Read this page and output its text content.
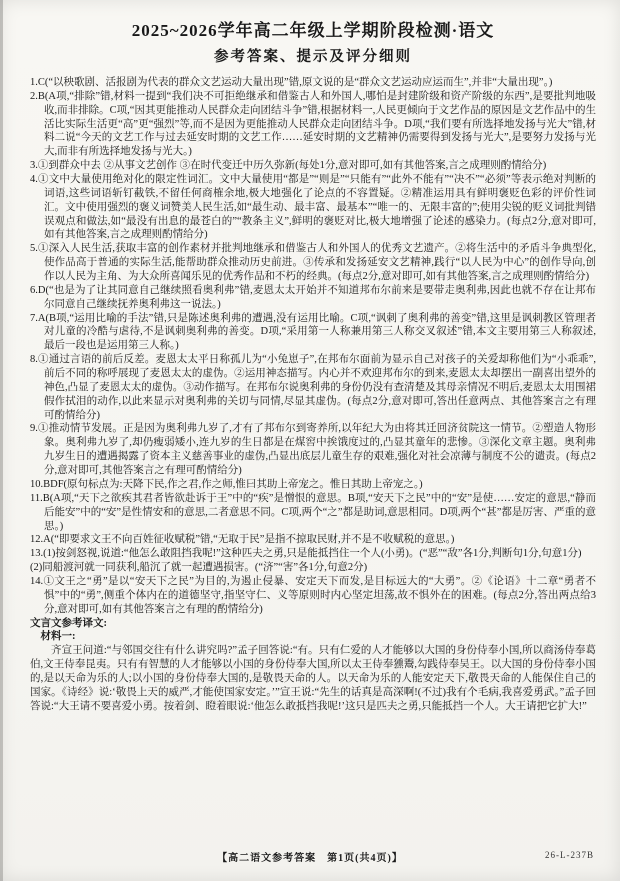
2025~2026学年高二年级上学期阶段检测·语文
参考答案、提示及评分细则

1.C(“以秧歌剧、活报剧为代表的群众文艺运动大量出现”错,原文说的是“群众文艺运动应运而生”,并非“大量出现”。)

2.B(A项,“排除”错,材料一提到“我们决不可拒绝继承和借鉴古人和外国人,哪怕是封建阶级和资产阶级的东西”,是要批判地吸收,而非排除。C项,“因其更能推动人民群众走向团结斗争”错,根据材料一,人民更倾向于文艺作品的原因是文艺作品中的生活比实际生活更“高”更“强烈”等,而不是因为更能推动人民群众走向团结斗争。D项,“我们要有所选择地发扬与光大”错,材料二说“今天的文艺工作与过去延安时期的文艺工作……延安时期的文艺精神仍需要得到发扬与光大”,是要努力发扬与光大,而非有所选择地发扬与光大。)

3.①到群众中去 ②从事文艺创作 ③在时代变迁中历久弥新(每处1分,意对即可,如有其他答案,言之成理则酌情给分)

4.①文中大量使用绝对化的限定性词汇。文中大量使用“都是”“则是”“只能有”“此外不能有”“决不”“必须”等表示绝对判断的词语,这些词语斩钉截铁,不留任何商榷余地,极大地强化了论点的不容置疑。②精准运用具有鲜明褒贬色彩的评价性词汇。文中使用强烈的褒义词赞美人民生活,如“最生动、最丰富、最基本”“唯一的、无限丰富的”;使用尖锐的贬义词批判错误观点和做法,如“最没有出息的最苍白的”“教条主义”,鲜明的褒贬对比,极大地增强了论述的感染力。(每点2分,意对即可,如有其他答案,言之成理则酌情给分)

5.①深入人民生活,获取丰富的创作素材并批判地继承和借鉴古人和外国人的优秀文艺遗产。②将生活中的矛盾斗争典型化,使作品高于普通的实际生活,能帮助群众推动历史前进。③传承和发扬延安文艺精神,践行“以人民为中心”的创作导向,创作以人民为主角、为大众所喜闻乐见的优秀作品和不朽的经典。(每点2分,意对即可,如有其他答案,言之成理则酌情给分)

6.D(“也是为了让其同意自己继续照看奥利弗”错,麦恩太太开始并不知道邦布尔前来是要带走奥利弗,因此也就不存在让邦布尔同意自己继续抚养奥利弗这一说法。)

7.A(B项,“运用比喻的手法”错,只是陈述奥利弗的遭遇,没有运用比喻。C项,“讽刺了奥利弗的善变”错,这里是讽刺教区管理者对儿童的冷酷与虐待,不是讽刺奥利弗的善变。D项,“采用第一人称兼用第三人称交叉叙述”错,本文主要用第三人称叙述,最后一段也是运用第三人称。)

8.①通过言语的前后反差。麦恩太太平日称孤儿为“小兔崽子”,在邦布尔面前为显示自己对孩子的关爱却称他们为“小乖乖”,前后不同的称呼展现了麦恩太太的虚伪。②运用神态描写。内心并不欢迎邦布尔的到来,麦恩太太却摆出一副喜出望外的神色,凸显了麦恩太太的虚伪。③动作描写。在邦布尔说奥利弗的身份仍没有查清楚及其母亲情况不明后,麦恩太太用围裙假作拭泪的动作,以此来显示对奥利弗的关切与同情,尽显其虚伪。(每点2分,意对即可,答出任意两点、其他答案言之有理可酌情给分)

9.①推动情节发展。正是因为奥利弗九岁了,才有了邦布尔到寄养所,以年纪大为由将其迁回济贫院这一情节。②塑造人物形象。奥利弗九岁了,却仍瘦弱矮小,连九岁的生日都是在煤窖中挨饿度过的,凸显其童年的悲惨。③深化文章主题。奥利弗九岁生日的遭遇揭露了资本主义慈善事业的虚伪,凸显出底层儿童生存的艰难,强化对社会凉薄与制度不公的谴责。(每点2分,意对即可,其他答案言之有理可酌情给分)

10.BDF(原句标点为:天降下民,作之君,作之师,惟曰其助上帝宠之。惟日其助上帝宠之。)

11.B(A项,“天下之欲疾其君者皆欲赴诉于王”中的“疾”是憎恨的意思。B项,“安天下之民”中的“安”是使……安定的意思,“静而后能安”中的“安”是性情安和的意思,二者意思不同。C项,两个“之”都是助词,意思相同。D项,两个“甚”都是厉害、严重的意思。)

12.A(“即要求文王不向百姓征收赋税”错,“无取于民”是指不掠取民财,并不是不收赋税的意思。)

13.(1)按剑怒视,说道:“他怎么敢阻挡我呢!”这种匹夫之勇,只是能抵挡住一个人(小勇)。(“恶”“敌”各1分,判断句1分,句意1分)

(2)同船渡河就一同获利,船沉了就一起遭遇损害。(“济”“害”各1分,句意2分)

14.①文王之“勇”是以“安天下之民”为目的,为遏止侵暴、安定天下而发,是目标远大的“大勇”。②《论语》十二章“勇者不惧”中的“勇”,侧重个体内在的道德坚守,指坚守仁、义等原则时内心坚定坦荡,故不惧外在的困难。(每点2分,答出两点给3分,意对即可,如有其他答案言之有理的酌情给分)

文言文参考译文:

材料一:

齐宣王问道:“与邻国交往有什么讲究吗?”孟子回答说:“有。只有仁爱的人才能够以大国的身份侍奉小国,所以商汤侍奉葛伯,文王侍奉昆夷。只有有智慧的人才能够以小国的身份侍奉大国,所以太王侍奉獯鬻,勾践侍奉吴王。以大国的身份侍奉小国的,是以天命为乐的人;以小国的身份侍奉大国的,是敬畏天命的人。以天命为乐的人能安定天下,敬畏天命的人能保住自己的国家。《诗经》说:‘敬畏上天的威严,才能使国家安定。’”宣王说:“先生的话真是高深啊!(不过)我有个毛病,我喜爱勇武。”孟子回答说:“大王请不要喜爱小勇。按着剑、瞪着眼说:‘他怎么敢抵挡我呢!’这只是匹夫之勇,只能抵挡一个人。大王请把它扩大!”

【高二语文参考答案　第1页(共4页)】	26-L-237B
